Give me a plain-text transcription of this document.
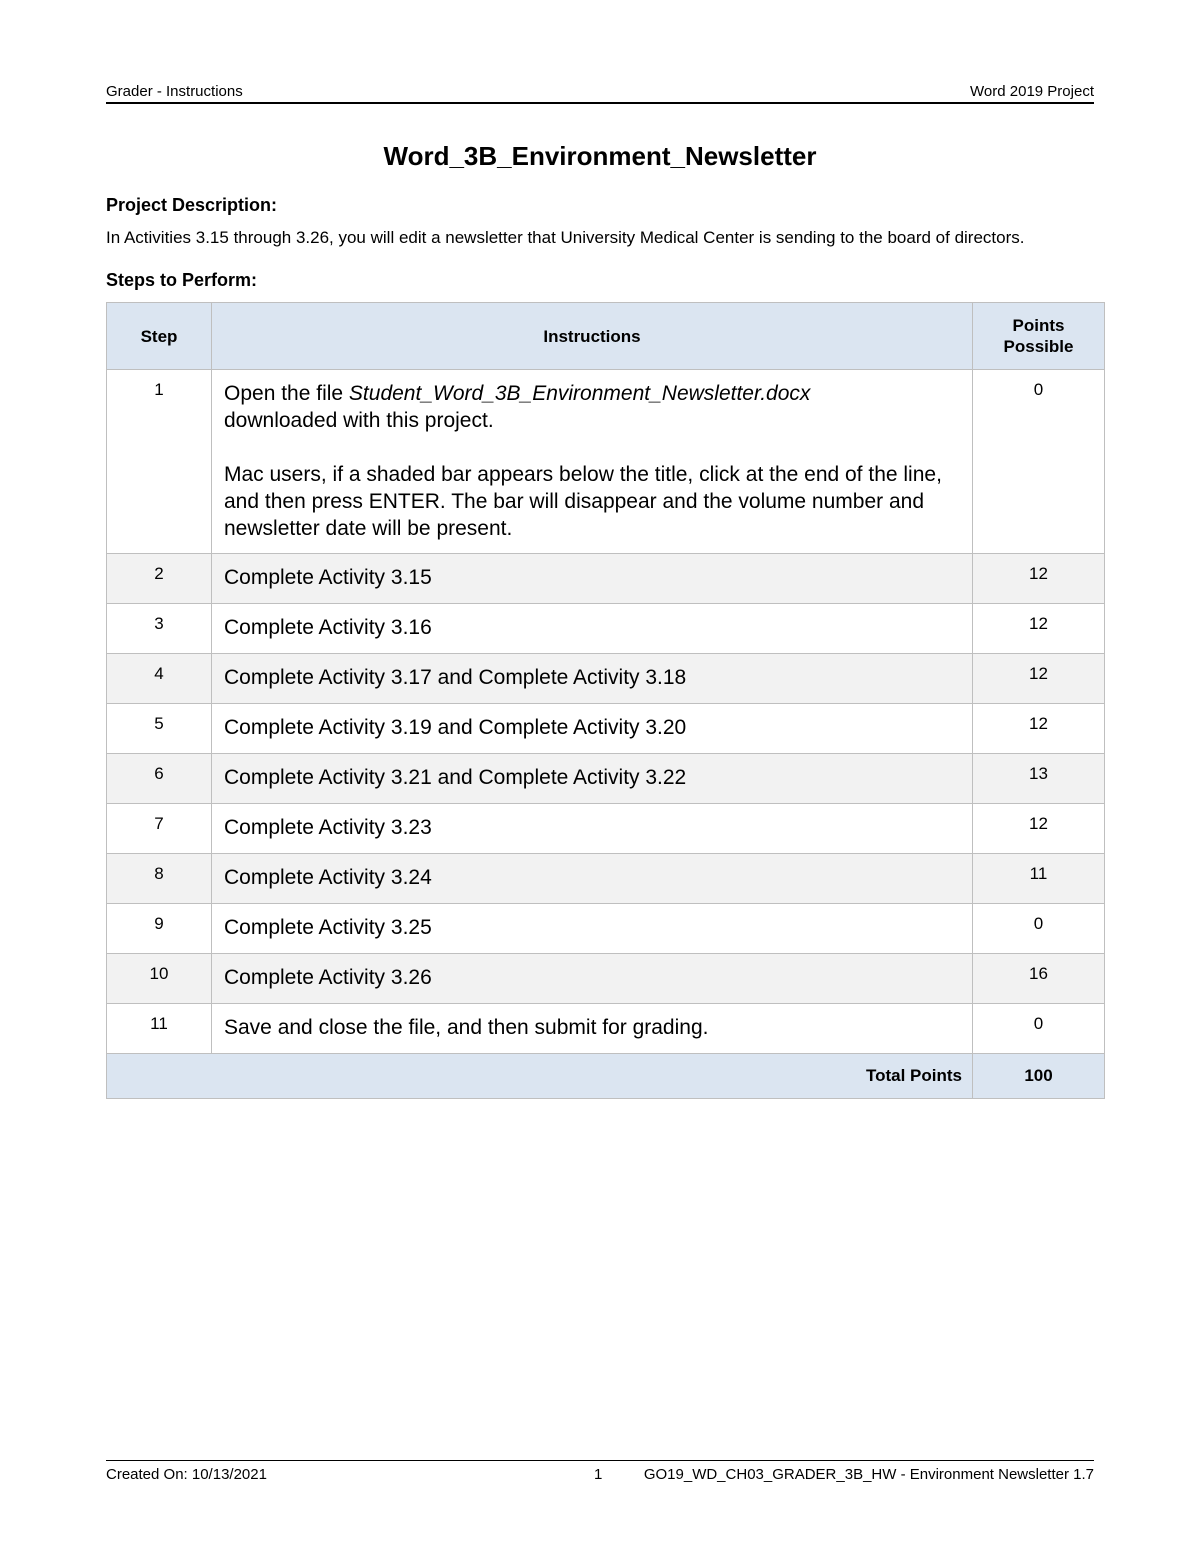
Grader - Instructions	Word 2019 Project
Word_3B_Environment_Newsletter
Project Description:
In Activities 3.15 through 3.26, you will edit a newsletter that University Medical Center is sending to the board of directors.
Steps to Perform:
Step	Instructions	Points
Possible
1	Open the file Student_Word_3B_Environment_Newsletter.docx
downloaded with this project.

Mac users, if a shaded bar appears below the title, click at the end of the line, and then press ENTER. The bar will disappear and the volume number and newsletter date will be present.	0
2	Complete Activity 3.15	12
3	Complete Activity 3.16	12
4	Complete Activity 3.17 and Complete Activity 3.18	12
5	Complete Activity 3.19 and Complete Activity 3.20	12
6	Complete Activity 3.21 and Complete Activity 3.22	13
7	Complete Activity 3.23	12
8	Complete Activity 3.24	11
9	Complete Activity 3.25	0
10	Complete Activity 3.26	16
11	Save and close the file, and then submit for grading.	0
Total Points		100
Created On: 10/13/2021	1	GO19_WD_CH03_GRADER_3B_HW - Environment Newsletter 1.7
